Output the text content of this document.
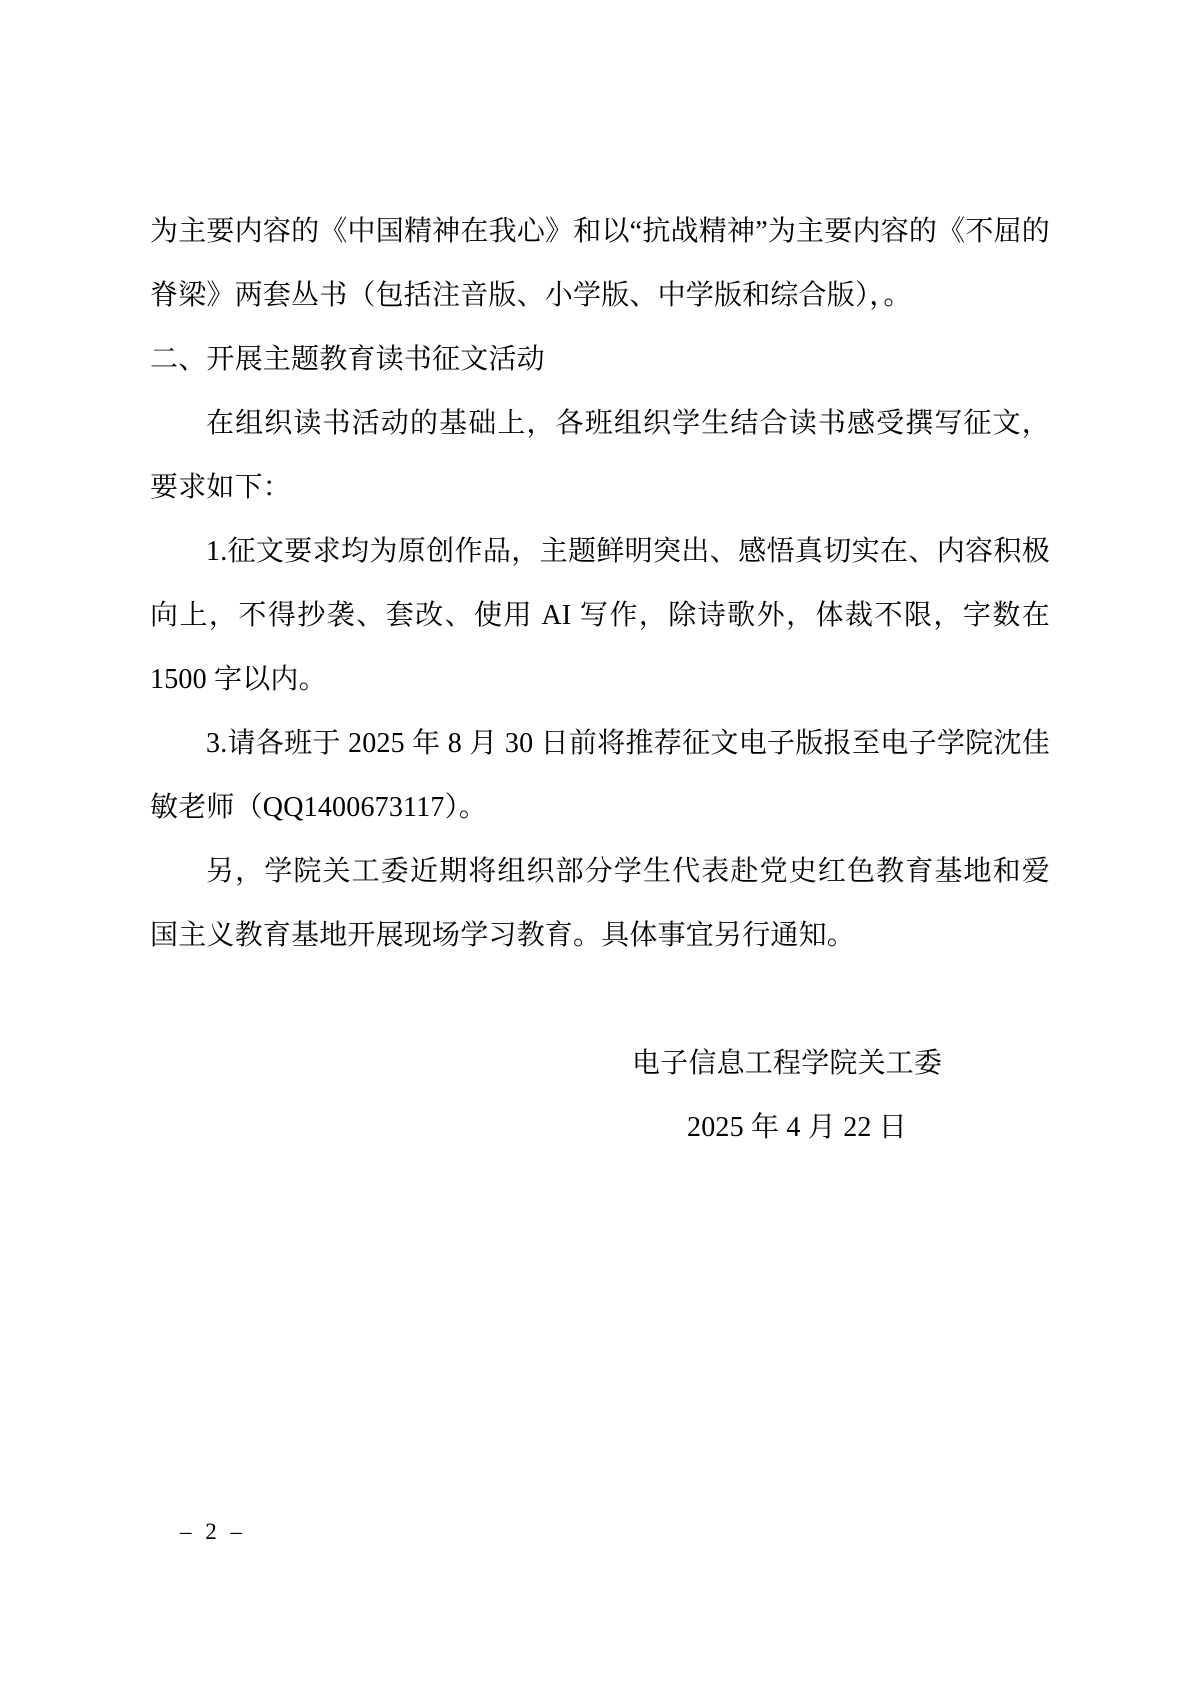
为主要内容的《中国精神在我心》和以“抗战精神”为主要内容的《不屈的脊梁》两套丛书（包括注音版、小学版、中学版和综合版），。

二、开展主题教育读书征文活动

在组织读书活动的基础上，各班组织学生结合读书感受撰写征文，要求如下：

1.征文要求均为原创作品，主题鲜明突出、感悟真切实在、内容积极向上，不得抄袭、套改、使用 AI 写作，除诗歌外，体裁不限，字数在 1500 字以内。

3.请各班于 2025 年 8 月 30 日前将推荐征文电子版报至电子学院沈佳敏老师（QQ1400673117）。

另，学院关工委近期将组织部分学生代表赴党史红色教育基地和爱国主义教育基地开展现场学习教育。具体事宜另行通知。

电子信息工程学院关工委
2025 年 4 月 22 日
– 2 –
